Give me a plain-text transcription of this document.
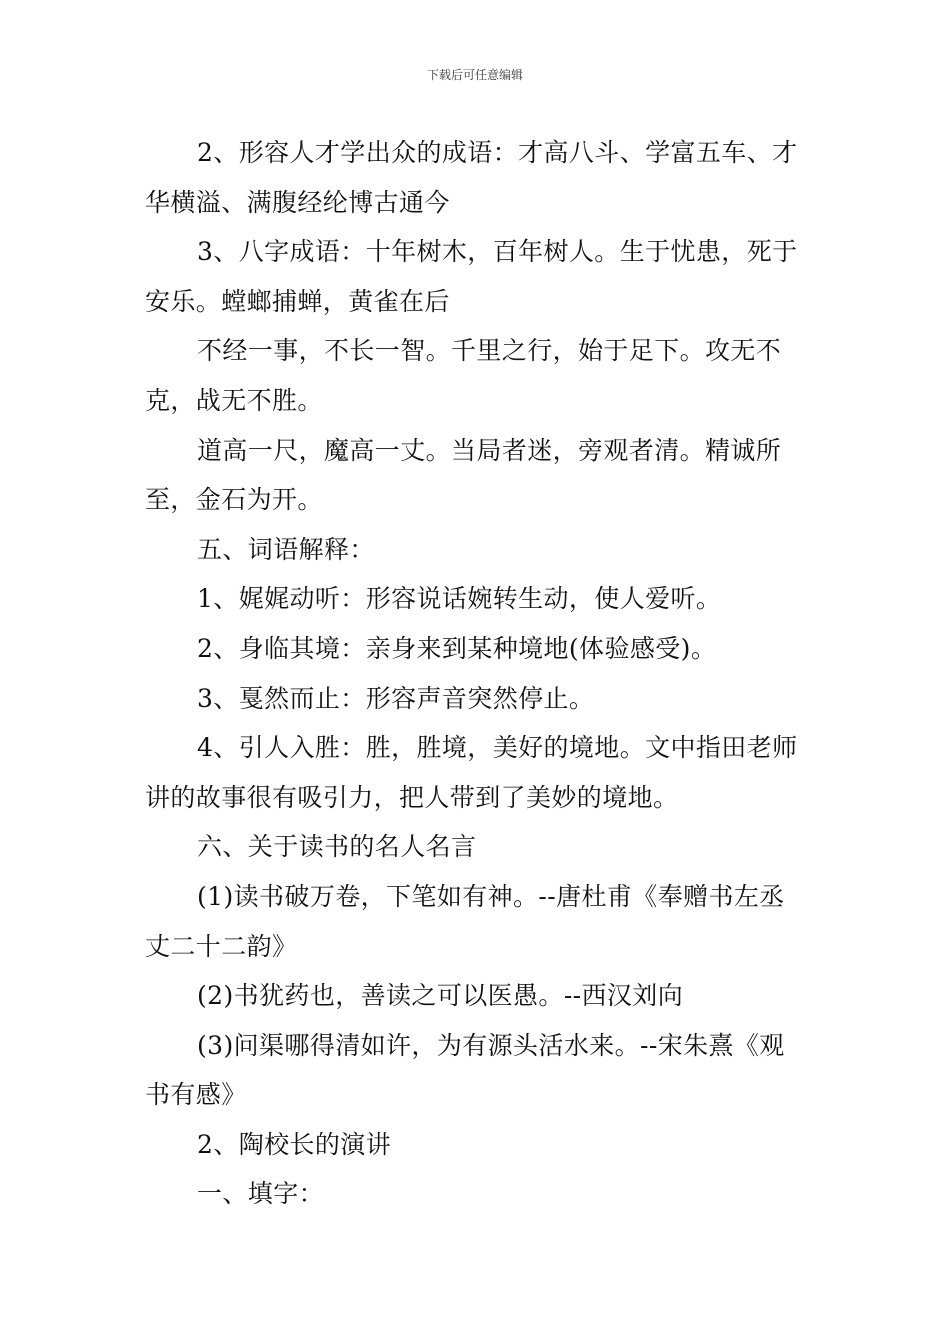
下载后可任意编辑

2、形容人才学出众的成语：才高八斗、学富五车、才华横溢、满腹经纶博古通今

3、八字成语：十年树木，百年树人。生于忧患，死于安乐。螳螂捕蝉，黄雀在后

不经一事，不长一智。千里之行，始于足下。攻无不克，战无不胜。

道高一尺，魔高一丈。当局者迷，旁观者清。精诚所至，金石为开。

五、词语解释：

1、娓娓动听：形容说话婉转生动，使人爱听。

2、身临其境：亲身来到某种境地(体验感受)。

3、戛然而止：形容声音突然停止。

4、引人入胜：胜，胜境，美好的境地。文中指田老师讲的故事很有吸引力，把人带到了美妙的境地。

六、关于读书的名人名言

(1)读书破万卷，下笔如有神。--唐杜甫《奉赠书左丞丈二十二韵》

(2)书犹药也，善读之可以医愚。--西汉刘向

(3)问渠哪得清如许，为有源头活水来。--宋朱熹《观书有感》

2、陶校长的演讲

一、填字：
